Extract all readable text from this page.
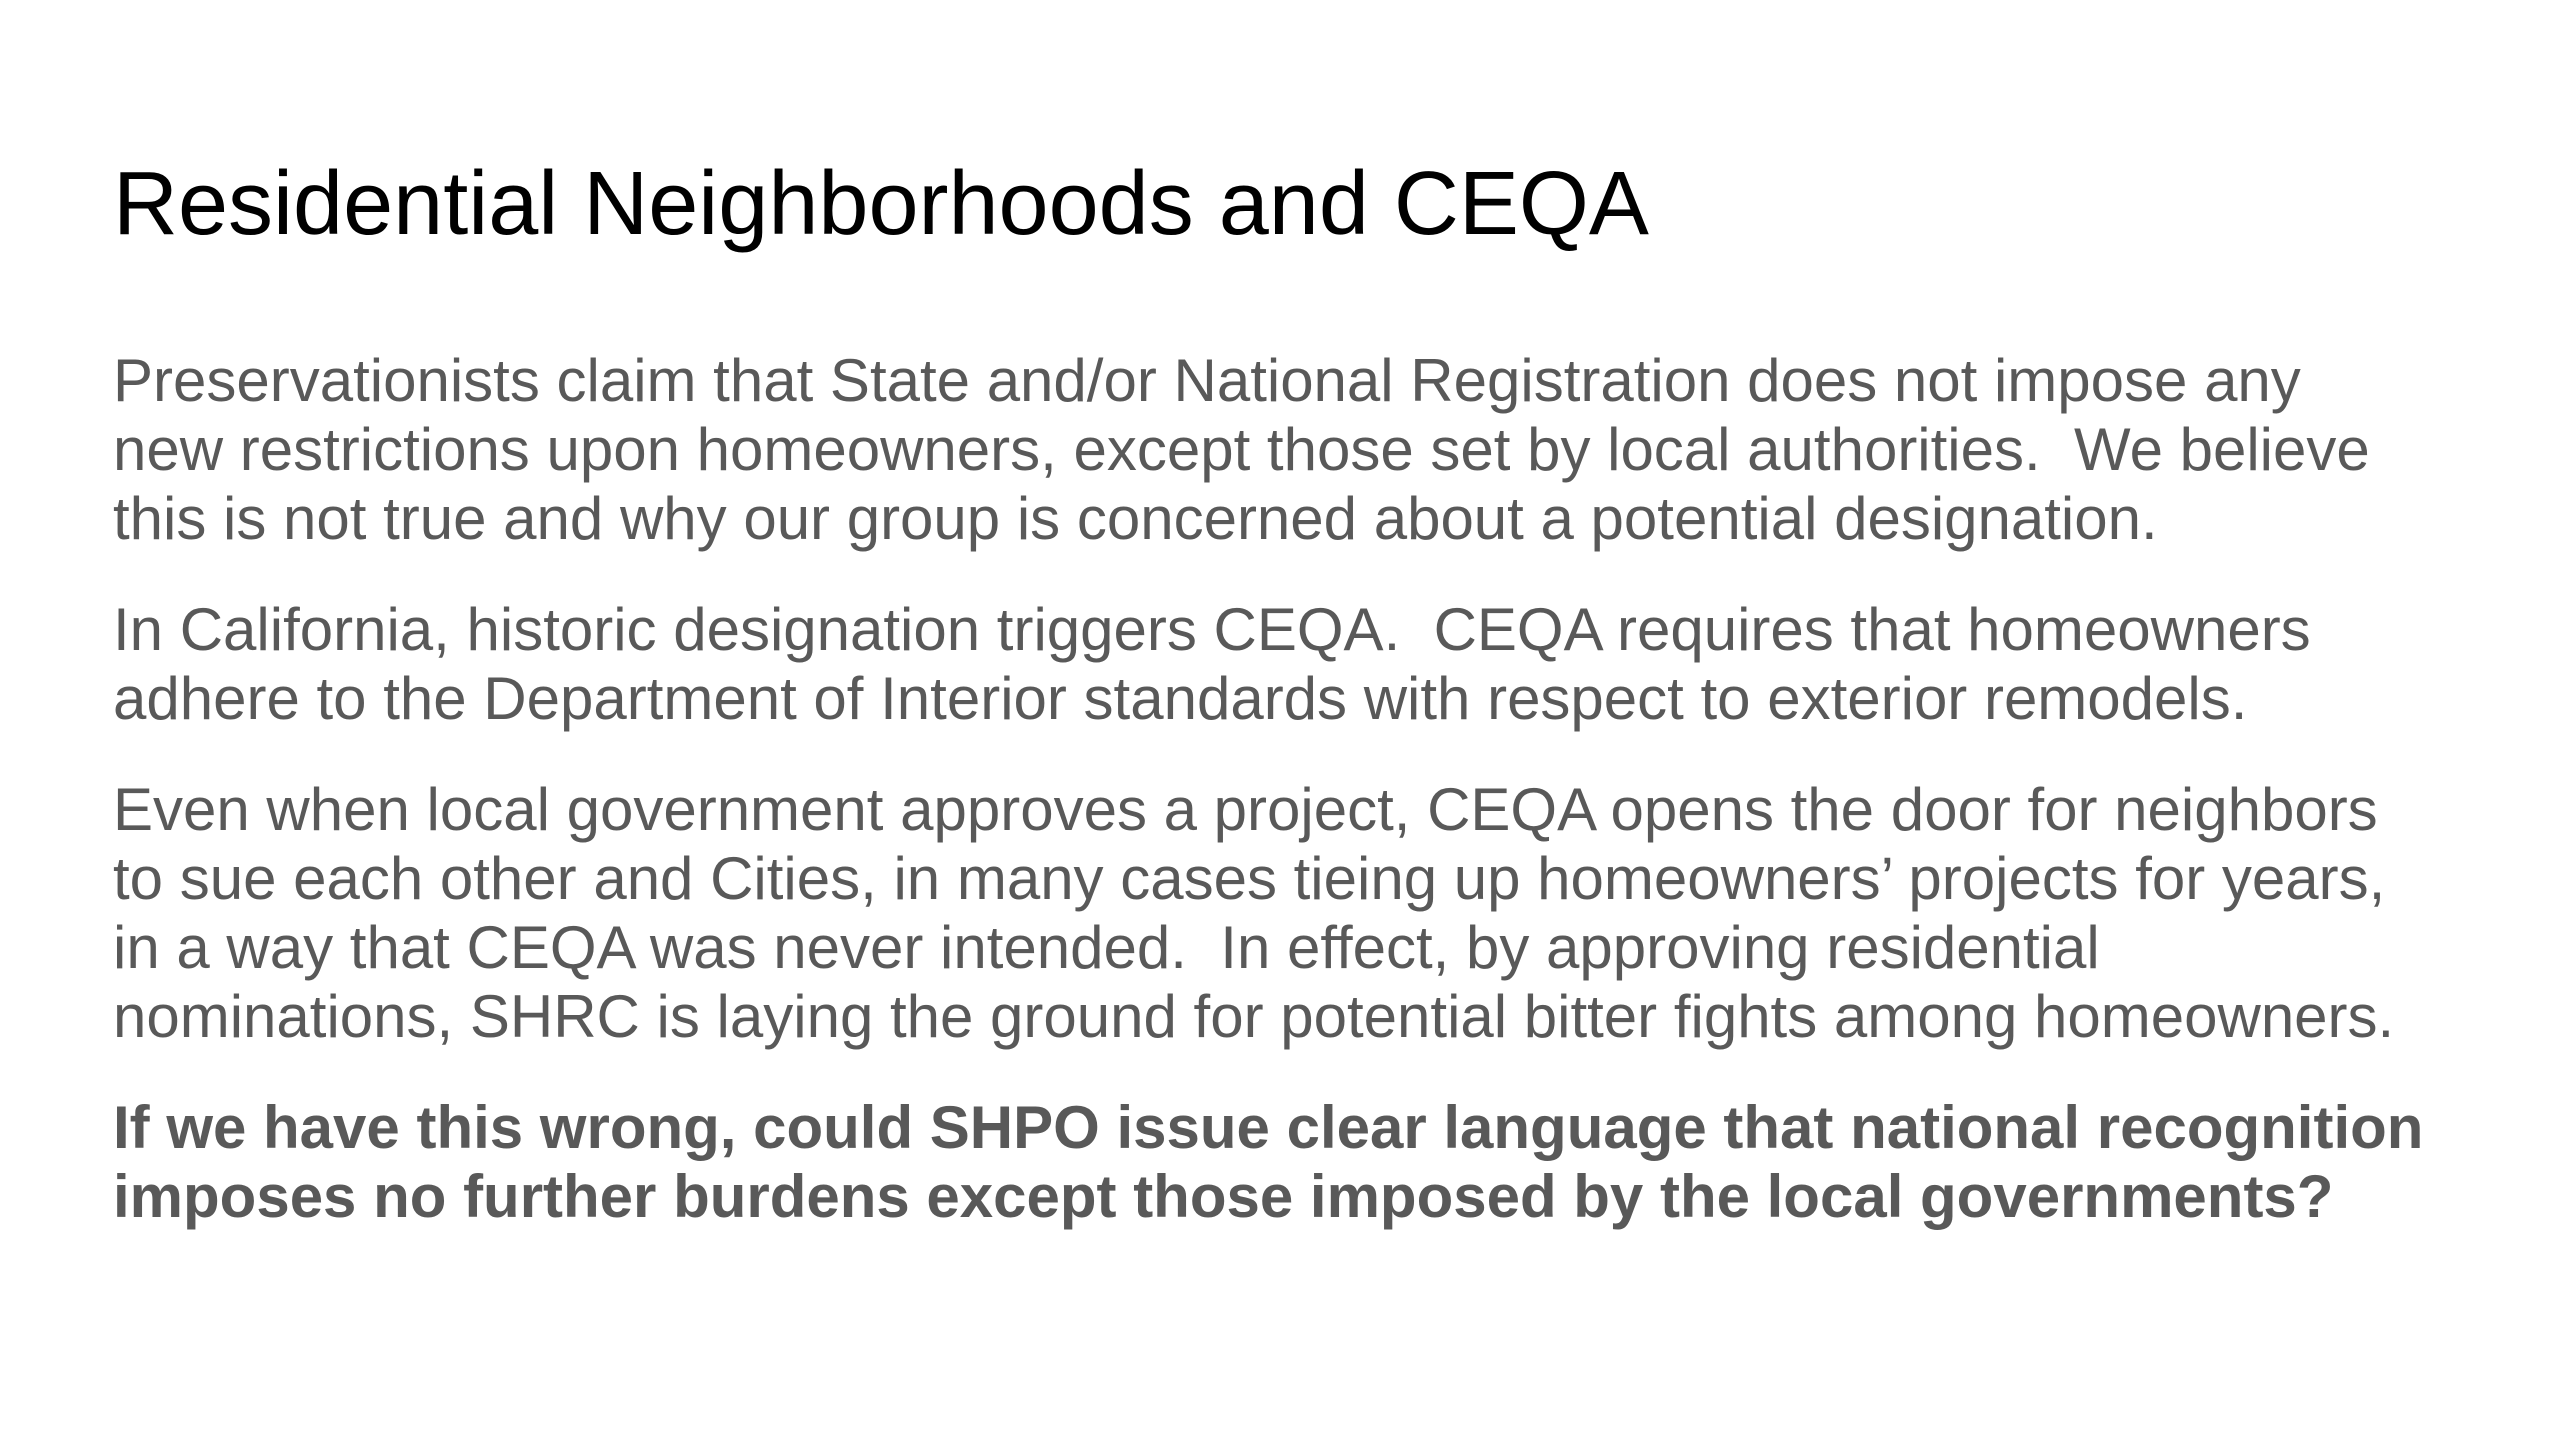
Residential Neighborhoods and CEQA

Preservationists claim that State and/or National Registration does not impose any
new restrictions upon homeowners, except those set by local authorities.  We believe
this is not true and why our group is concerned about a potential designation.

In California, historic designation triggers CEQA.  CEQA requires that homeowners
adhere to the Department of Interior standards with respect to exterior remodels.

Even when local government approves a project, CEQA opens the door for neighbors
to sue each other and Cities, in many cases tieing up homeowners’ projects for years,
in a way that CEQA was never intended.  In effect, by approving residential
nominations, SHRC is laying the ground for potential bitter fights among homeowners.

If we have this wrong, could SHPO issue clear language that national recognition
imposes no further burdens except those imposed by the local governments?
